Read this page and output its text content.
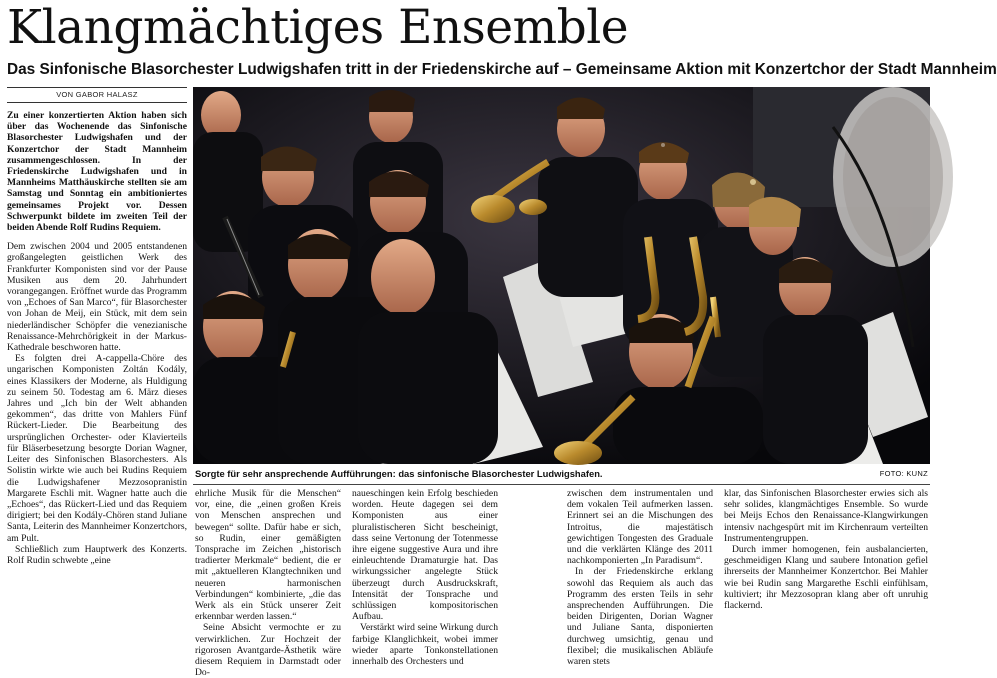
Klangmächtiges Ensemble
Das Sinfonische Blasorchester Ludwigshafen tritt in der Friedenskirche auf – Gemeinsame Aktion mit Konzertchor der Stadt Mannheim
VON GABOR HALASZ

Zu einer konzertierten Aktion haben sich über das Wochenende das Sinfonische Blasorchester Ludwigshafen und der Konzertchor der Stadt Mannheim zusammengeschlossen. In der Friedenskirche Ludwigshafen und in Mannheims Matthäuskirche stellten sie am Samstag und Sonntag ein ambitioniertes gemeinsames Projekt vor. Dessen Schwerpunkt bildete im zweiten Teil der beiden Abende Rolf Rudins Requiem.

Dem zwischen 2004 und 2005 entstandenen großangelegten geistlichen Werk des Frankfurter Komponisten sind vor der Pause Musiken aus dem 20. Jahrhundert vorangegangen. Eröffnet wurde das Programm von „Echoes of San Marco“, für Blasorchester von Johan de Meij, ein Stück, mit dem sein niederländischer Schöpfer die venezianische Renaissance-Mehrchörigkeit in der Markus-Kathedrale beschworen hatte.

Es folgten drei A-cappella-Chöre des ungarischen Komponisten Zoltán Kodály, eines Klassikers der Moderne, als Huldigung zu seinem 50. Todestag am 6. März dieses Jahres und „Ich bin der Welt abhanden gekommen“, das dritte von Mahlers Fünf Rückert-Lieder. Die Bearbeitung des ursprünglichen Orchester- oder Klavierteils für Bläserbesetzung besorgte Dorian Wagner, Leiter des Sinfonischen Blasorchesters. Als Solistin wirkte wie auch bei Rudins Requiem die Ludwigshafener Mezzosopranistin Margarete Eschli mit. Wagner hatte auch die „Echoes“, das Rückert-Lied und das Requiem dirigiert; bei den Kodály-Chören stand Juliane Santa, Leiterin des Mannheimer Konzertchors, am Pult.

Schließlich zum Hauptwerk des Konzerts. Rolf Rudin schwebte „eine

Sorgte für sehr ansprechende Aufführungen: das sinfonische Blasorchester Ludwigshafen.	FOTO: KUNZ

ehrliche Musik für die Menschen“ vor, eine, die „einen großen Kreis von Menschen ansprechen und bewegen“ sollte. Dafür habe er sich, so Rudin, einer gemäßigten Tonsprache im Zeichen „historisch tradierter Merkmale“ bedient, die er mit „aktuelleren Klangtechniken und neueren harmonischen Verbindungen“ kombinierte, „die das Werk als ein Stück unserer Zeit erkennbar werden lassen.“

Seine Absicht vermochte er zu verwirklichen. Zur Hochzeit der rigorosen Avantgarde-Ästhetik wäre diesem Requiem in Darmstadt oder Do-

naueschingen kein Erfolg beschieden worden. Heute dagegen sei dem Komponisten aus einer pluralistischeren Sicht bescheinigt, dass seine Vertonung der Totenmesse ihre eigene suggestive Aura und ihre einleuchtende Dramaturgie hat. Das wirkungssicher angelegte Stück überzeugt durch Ausdruckskraft, Intensität der Tonsprache und schlüssigen kompositorischen Aufbau.

Verstärkt wird seine Wirkung durch farbige Klanglichkeit, wobei immer wieder aparte Tonkonstellationen innerhalb des Orchesters und

zwischen dem instrumentalen und dem vokalen Teil aufmerken lassen. Erinnert sei an die Mischungen des Introitus, die majestätisch gewichtigen Tongesten des Graduale und die verklärten Klänge des 2011 nachkomponierten „In Paradisum“.

In der Friedenskirche erklang sowohl das Requiem als auch das Programm des ersten Teils in sehr ansprechenden Aufführungen. Die beiden Dirigenten, Dorian Wagner und Juliane Santa, disponierten durchweg umsichtig, genau und flexibel; die musikalischen Abläufe waren stets

klar, das Sinfonischen Blasorchester erwies sich als sehr solides, klangmächtiges Ensemble. So wurde bei Meijs Echos den Renaissance-Klangwirkungen intensiv nachgespürt mit im Kirchenraum verteilten Instrumentengruppen.

Durch immer homogenen, fein ausbalancierten, geschmeidigen Klang und saubere Intonation gefiel ihrerseits der Mannheimer Konzertchor. Bei Mahler wie bei Rudin sang Margarethe Eschli einfühlsam, kultiviert; ihr Mezzosopran klang aber oft unruhig flackernd.
